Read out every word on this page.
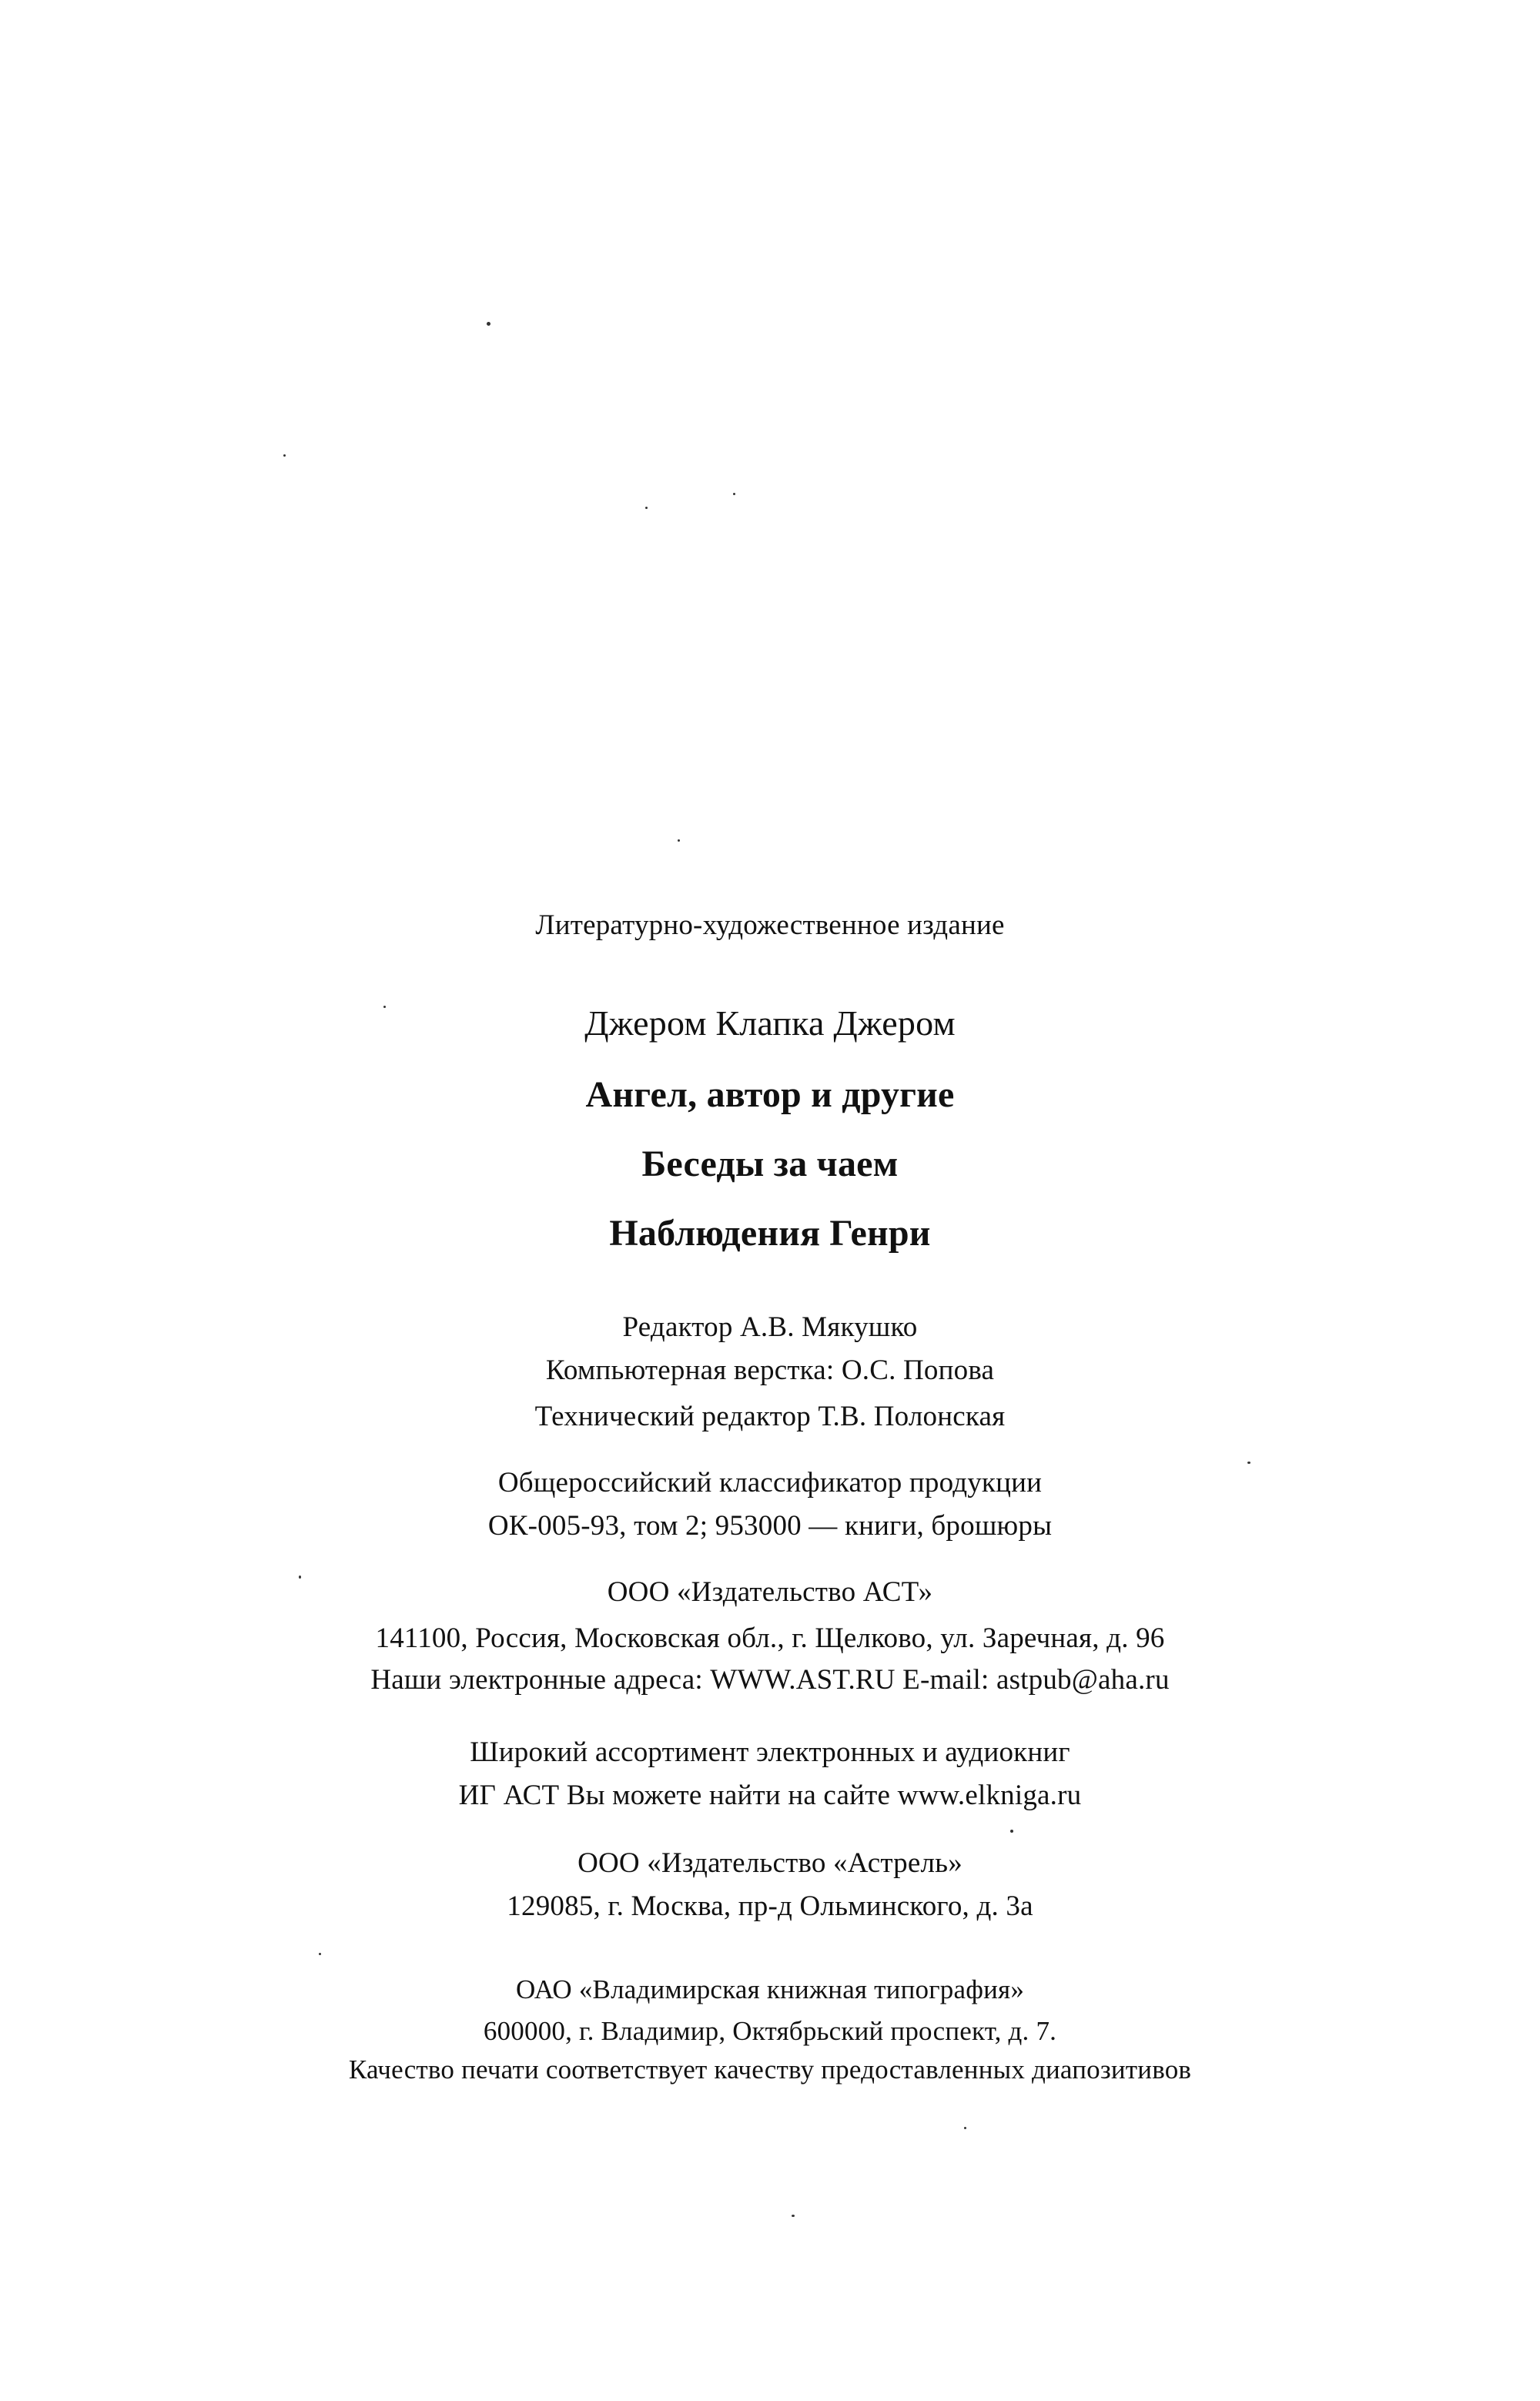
Литературно-художественное издание
Джером Клапка Джером
Ангел, автор и другие
Беседы за чаем
Наблюдения Генри
Редактор А.В. Мякушко
Компьютерная верстка: О.С. Попова
Технический редактор Т.В. Полонская
Общероссийский классификатор продукции
ОК-005-93, том 2; 953000 — книги, брошюры
ООО «Издательство АСТ»
141100, Россия, Московская обл., г. Щелково, ул. Заречная, д. 96
Наши электронные адреса: WWW.AST.RU E-mail: astpub@aha.ru
Широкий ассортимент электронных и аудиокниг
ИГ АСТ Вы можете найти на сайте www.elkniga.ru
ООО «Издательство «Астрель»
129085, г. Москва, пр-д Ольминского, д. 3а
ОАО «Владимирская книжная типография»
600000, г. Владимир, Октябрьский проспект, д. 7.
Качество печати соответствует качеству предоставленных диапозитивов
